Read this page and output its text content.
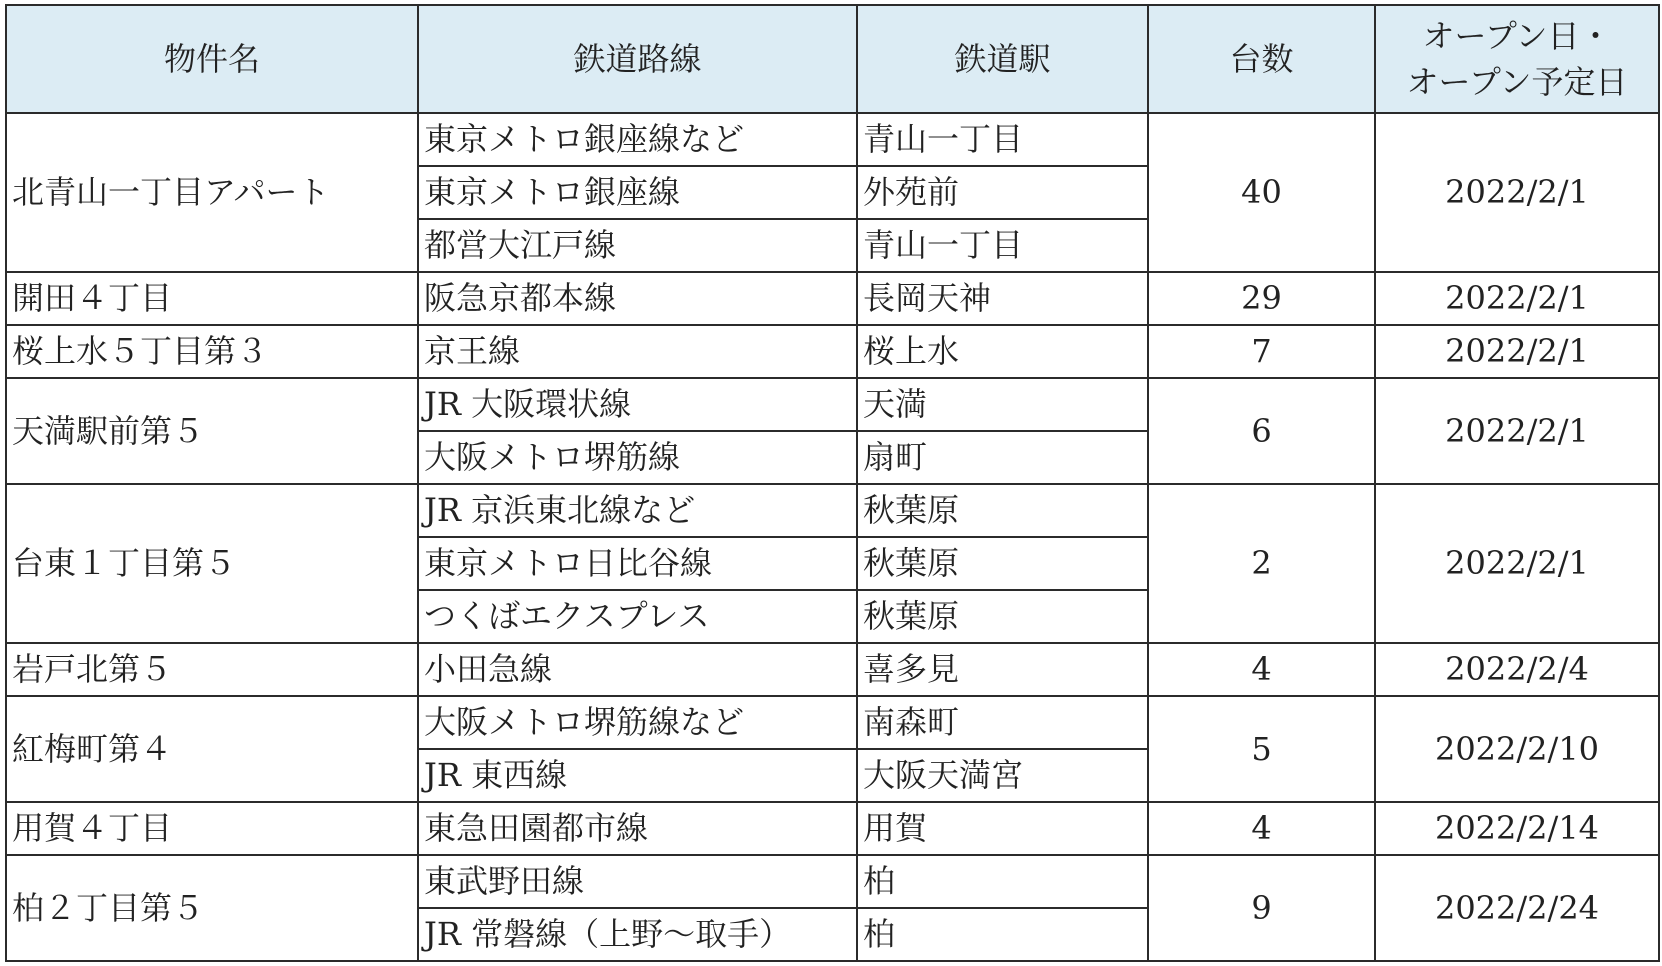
物件名	鉄道路線	鉄道駅	台数	オープン日・
オープン予定日

北青山一丁目アパート	東京メトロ銀座線など	青山一丁目	40	2022/2/1
	東京メトロ銀座線	外苑前		
	都営大江戸線	青山一丁目		
開田４丁目	阪急京都本線	長岡天神	29	2022/2/1
桜上水５丁目第３	京王線	桜上水	7	2022/2/1
天満駅前第５	JR 大阪環状線	天満	6	2022/2/1
	大阪メトロ堺筋線	扇町		
台東１丁目第５	JR 京浜東北線など	秋葉原	2	2022/2/1
	東京メトロ日比谷線	秋葉原		
	つくばエクスプレス	秋葉原		
岩戸北第５	小田急線	喜多見	4	2022/2/4
紅梅町第４	大阪メトロ堺筋線など	南森町	5	2022/2/10
	JR 東西線	大阪天満宮		
用賀４丁目	東急田園都市線	用賀	4	2022/2/14
柏２丁目第５	東武野田線	柏	9	2022/2/24
	JR 常磐線（上野～取手）	柏		
